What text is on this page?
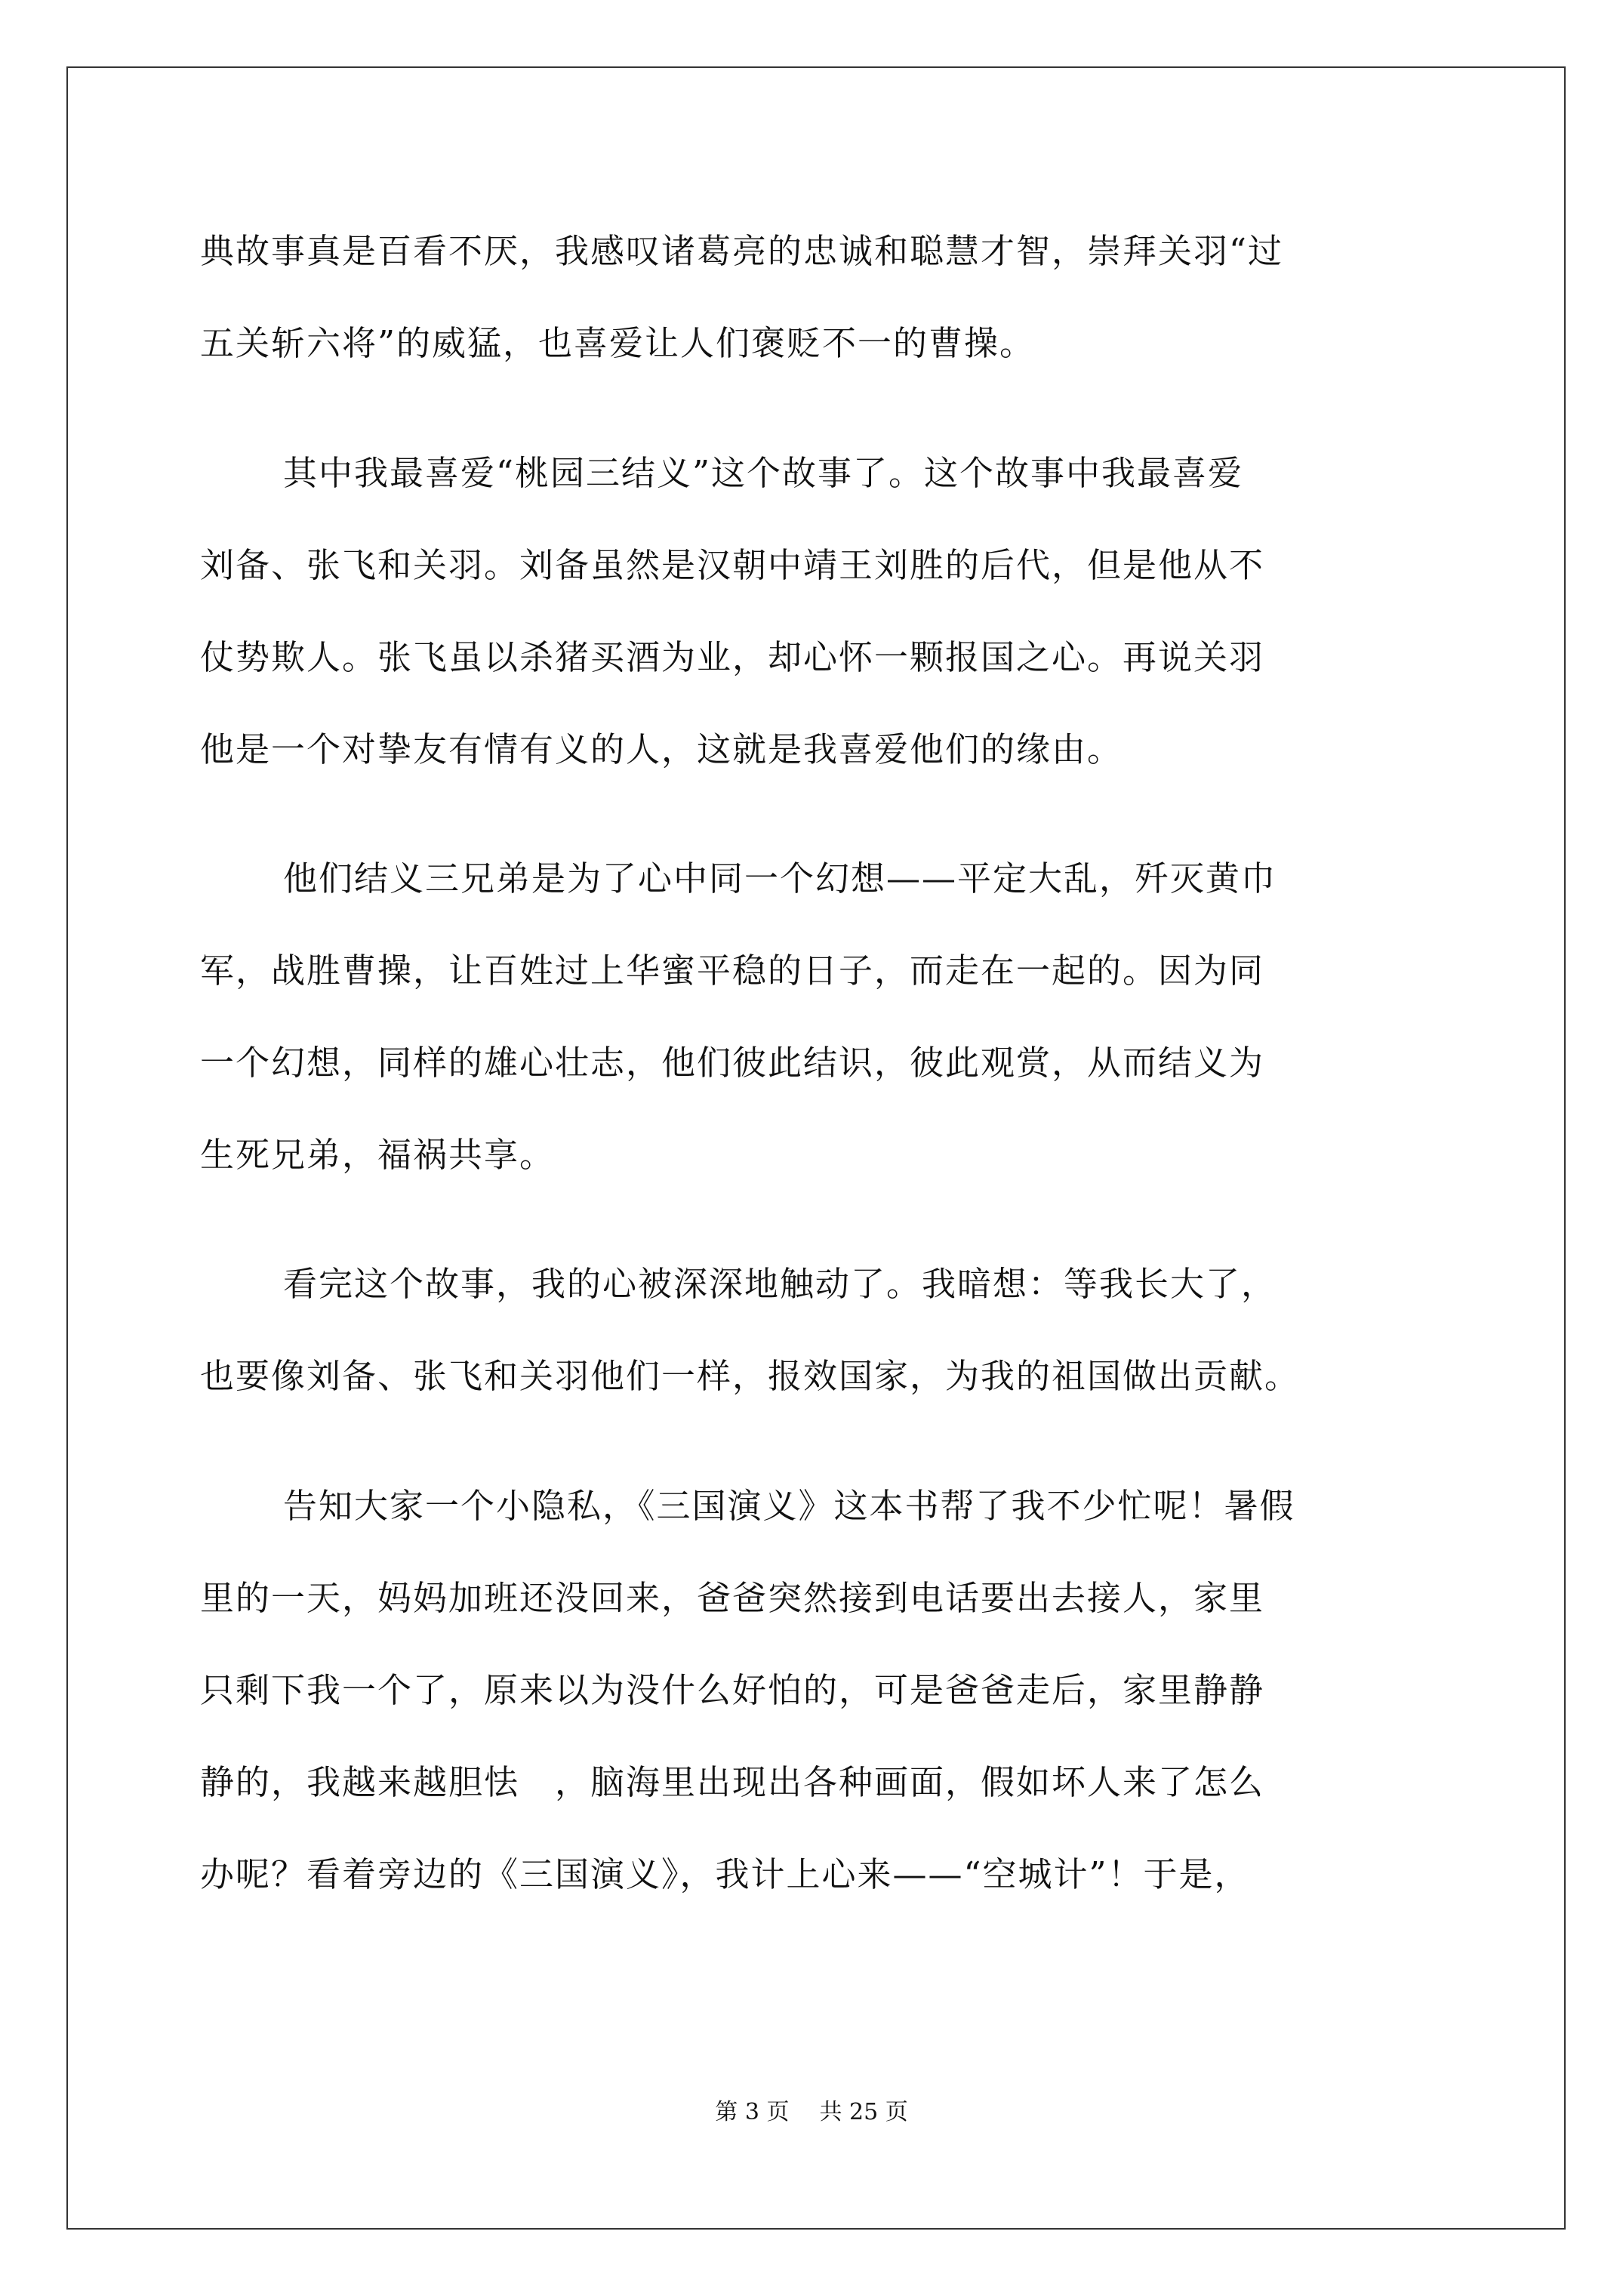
典故事真是百看不厌，我感叹诸葛亮的忠诚和聪慧才智，崇拜关羽“过
五关斩六将”的威猛，也喜爱让人们褒贬不一的曹操。
其中我最喜爱“桃园三结义”这个故事了。这个故事中我最喜爱
刘备、张飞和关羽。刘备虽然是汉朝中靖王刘胜的后代，但是他从不
仗势欺人。张飞虽以杀猪买酒为业，却心怀一颗报国之心。再说关羽
他是一个对挚友有情有义的人，这就是我喜爱他们的缘由。
他们结义三兄弟是为了心中同一个幻想——平定大乱，歼灭黄巾
军，战胜曹操，让百姓过上华蜜平稳的日子，而走在一起的。因为同
一个幻想，同样的雄心壮志，他们彼此结识，彼此观赏，从而结义为
生死兄弟，福祸共享。
看完这个故事，我的心被深深地触动了。我暗想：等我长大了，
也要像刘备、张飞和关羽他们一样，报效国家，为我的祖国做出贡献。
告知大家一个小隐私，《三国演义》这本书帮了我不少忙呢！暑假
里的一天，妈妈加班还没回来，爸爸突然接到电话要出去接人，家里
只剩下我一个了，原来以为没什么好怕的，可是爸爸走后，家里静静
静的，我越来越胆怯　，脑海里出现出各种画面，假如坏人来了怎么
办呢？看着旁边的《三国演义》，我计上心来——“空城计”！于是，
第 3 页 共 25 页
